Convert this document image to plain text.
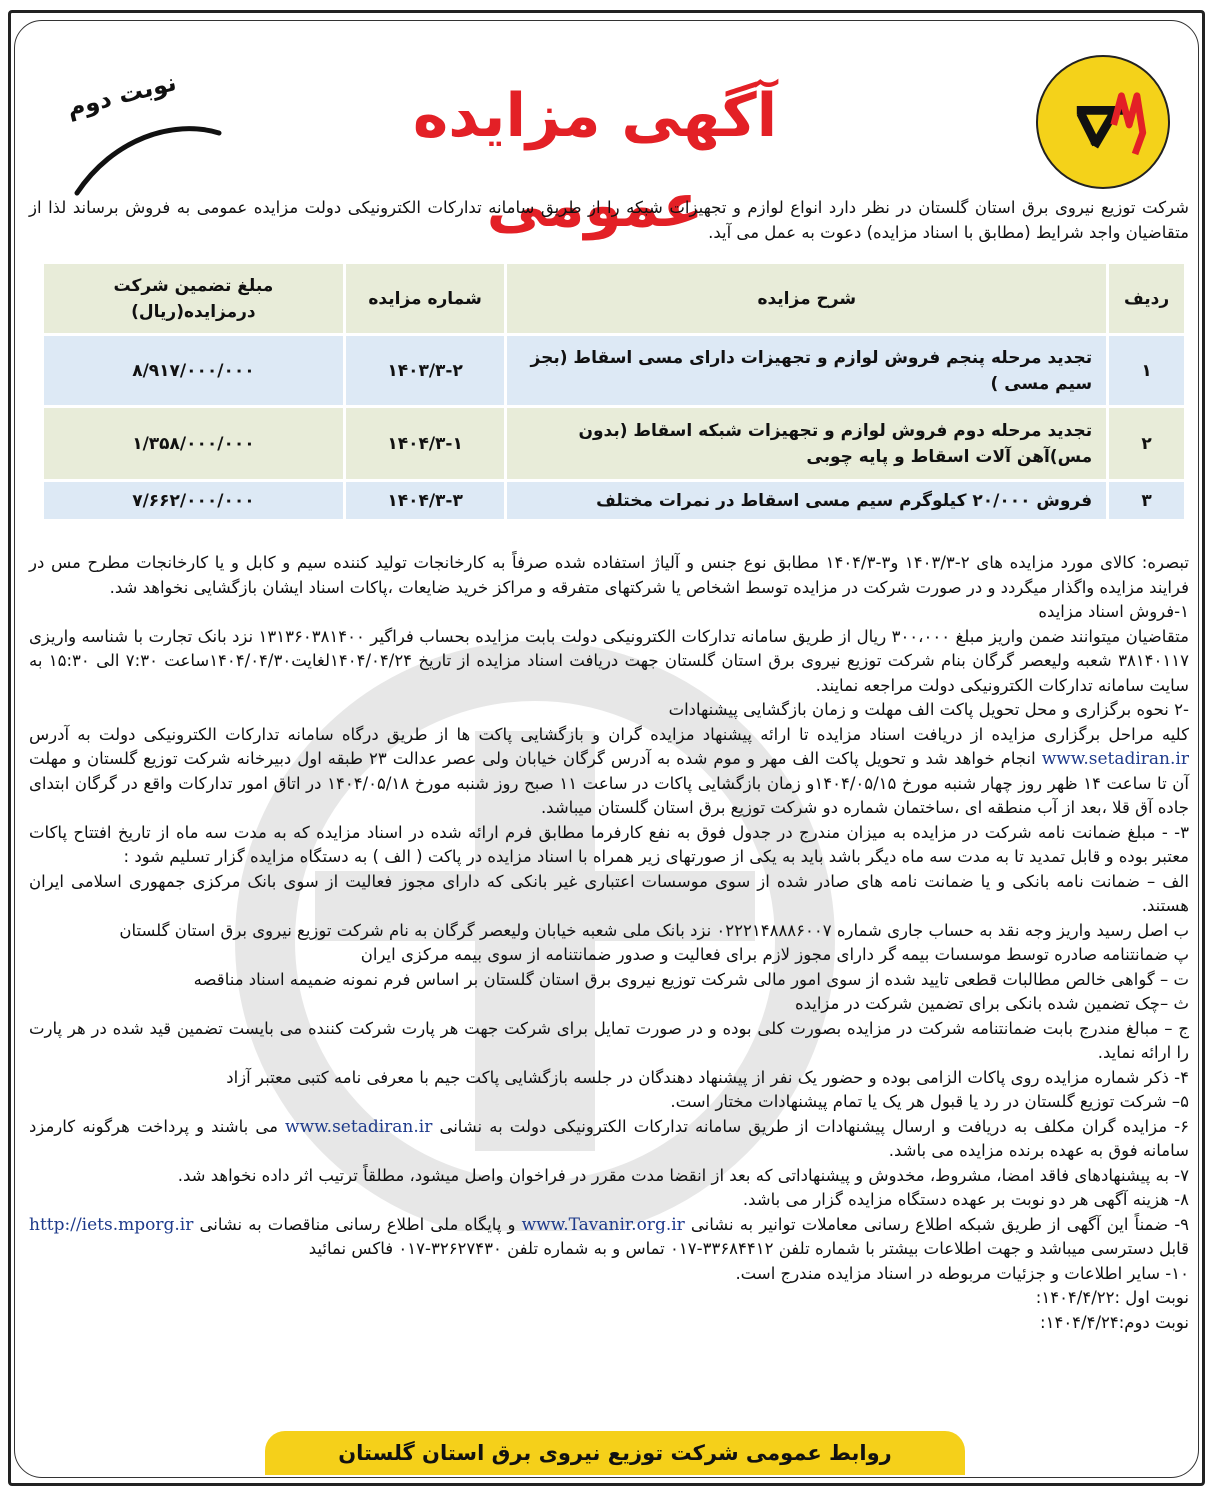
آگهی مزایده عمومی
نوبت دوم
شرکت توزیع نیروی برق استان گلستان در نظر دارد انواع لوازم و تجهیزات شبکه را از طریق سامانه تدارکات الکترونیکی دولت مزایده عمومی به فروش برساند لذا از متقاضیان واجد شرایط (مطابق با اسناد مزایده) دعوت به عمل می آید.
ردیف	شرح مزایده	شماره مزایده	مبلغ تضمین شرکت درمزایده(ریال)
۱	تجدید مرحله پنجم فروش لوازم و تجهیزات دارای مسی اسقاط (بجز سیم مسی )	۱۴۰۳/۳-۲	۸/۹۱۷/۰۰۰/۰۰۰
۲	تجدید مرحله دوم فروش لوازم و تجهیزات شبکه اسقاط (بدون مس)آهن آلات اسقاط و پایه چوبی	۱۴۰۴/۳-۱	۱/۳۵۸/۰۰۰/۰۰۰
۳	فروش ۲۰/۰۰۰ کیلوگرم سیم مسی اسقاط در نمرات مختلف	۱۴۰۴/۳-۳	۷/۶۶۲/۰۰۰/۰۰۰

تبصره: کالای مورد مزایده های ۲-۱۴۰۳/۳ و۳-۱۴۰۴/۳ مطابق نوع جنس و آلیاژ استفاده شده صرفاً به کارخانجات تولید کننده سیم و کابل و یا کارخانجات مطرح مس در فرایند مزایده واگذار میگردد و در صورت شرکت در مزایده توسط اشخاص یا شرکتهای متفرقه و مراکز خرید ضایعات ،پاکات اسناد ایشان بازگشایی نخواهد شد.

۱-فروش اسناد مزایده

متقاضیان میتوانند ضمن واریز مبلغ ۳۰۰،۰۰۰ ریال از طریق سامانه تدارکات الکترونیکی دولت بابت مزایده بحساب فراگیر ۱۳۱۳۶۰۳۸۱۴۰۰ نزد بانک تجارت با شناسه واریزی ۳۸۱۴۰۱۱۷ شعبه ولیعصر گرگان بنام شرکت توزیع نیروی برق استان گلستان جهت دریافت اسناد مزایده از تاریخ ۱۴۰۴/۰۴/۲۴لغایت۱۴۰۴/۰۴/۳۰ساعت ۷:۳۰ الی ۱۵:۳۰ به سایت سامانه تدارکات الکترونیکی دولت مراجعه نمایند.

-۲ نحوه برگزاری و محل تحویل پاکت الف مهلت و زمان بازگشایی پیشنهادات

کلیه مراحل برگزاری مزایده از دریافت اسناد مزایده تا ارائه پیشنهاد مزایده گران و بازگشایی پاکت ها از طریق درگاه سامانه تدارکات الکترونیکی دولت به آدرس www.setadiran.ir انجام خواهد شد و تحویل پاکت الف مهر و موم شده به آدرس گرگان خیابان ولی عصر عدالت ۲۳ طبقه اول دبیرخانه شرکت توزیع گلستان و مهلت آن تا ساعت ۱۴ ظهر روز چهار شنبه مورخ ۱۴۰۴/۰۵/۱۵و زمان بازگشایی پاکات در ساعت ۱۱ صبح روز شنبه مورخ ۱۴۰۴/۰۵/۱۸ در اتاق امور تدارکات واقع در گرگان ابتدای جاده آق قلا ،بعد از آب منطقه ای ،ساختمان شماره دو شرکت توزیع برق استان گلستان میباشد.

۳- - مبلغ ضمانت نامه شرکت در مزایده به میزان مندرج در جدول فوق به نفع کارفرما مطابق فرم ارائه شده در اسناد مزایده که به مدت سه ماه از تاریخ افتتاح پاکات معتبر بوده و قابل تمدید تا به مدت سه ماه دیگر باشد باید به یکی از صورتهای زیر همراه با اسناد مزایده در پاکت ( الف ) به دستگاه مزایده گزار تسلیم شود :

الف – ضمانت نامه بانکی و یا ضمانت نامه های صادر شده از سوی موسسات اعتباری غیر بانکی که دارای مجوز فعالیت از سوی بانک مرکزی جمهوری اسلامی ایران هستند.

ب اصل رسید واریز وجه نقد به حساب جاری شماره ۰۲۲۲۱۴۸۸۸۶۰۰۷ نزد بانک ملی شعبه خیابان ولیعصر گرگان به نام شرکت توزیع نیروی برق استان گلستان

پ ضمانتنامه صادره توسط موسسات بیمه گر دارای مجوز لازم برای فعالیت و صدور ضمانتنامه از سوی بیمه مرکزی ایران

ت – گواهی خالص مطالبات قطعی تایید شده از سوی امور مالی شرکت توزیع نیروی برق استان گلستان بر اساس فرم نمونه ضمیمه اسناد مناقصه

ث –چک تضمین شده بانکی برای تضمین شرکت در مزایده

ج – مبالغ مندرج بابت ضمانتنامه شرکت در مزایده بصورت کلی بوده و در صورت تمایل برای شرکت جهت هر پارت شرکت کننده می بایست تضمین قید شده در هر پارت را ارائه نماید.

۴- ذکر شماره مزایده روی پاکات الزامی بوده و حضور یک نفر از پیشنهاد دهندگان در جلسه بازگشایی پاکت جیم با معرفی نامه کتبی معتبر آزاد

۵– شرکت توزیع گلستان در رد یا قبول هر یک یا تمام پیشنهادات مختار است.

۶- مزایده گران مکلف به دریافت و ارسال پیشنهادات از طریق سامانه تدارکات الکترونیکی دولت به نشانی www.setadiran.ir می باشند و پرداخت هرگونه کارمزد سامانه فوق به عهده برنده مزایده می باشد.

۷- به پیشنهادهای فاقد امضا، مشروط، مخدوش و پیشنهاداتی که بعد از انقضا مدت مقرر در فراخوان واصل میشود، مطلقاً ترتیب اثر داده نخواهد شد.

۸- هزینه آگهی هر دو نوبت بر عهده دستگاه مزایده گزار می باشد.

۹- ضمناً این آگهی از طریق شبکه اطلاع رسانی معاملات توانیر به نشانی www.Tavanir.org.ir و پایگاه ملی اطلاع رسانی مناقصات به نشانی http://iets.mporg.ir قابل دسترسی میباشد و جهت اطلاعات بیشتر با شماره تلفن ۳۳۶۸۴۴۱۲-۰۱۷ تماس و به شماره تلفن ۳۲۶۲۷۴۳۰-۰۱۷ فاکس نمائید

۱۰- سایر اطلاعات و جزئیات مربوطه در اسناد مزایده مندرج است.

نوبت اول :۱۴۰۴/۴/۲۲:

نوبت دوم:۱۴۰۴/۴/۲۴:

روابط عمومی شرکت توزیع نیروی برق استان گلستان
